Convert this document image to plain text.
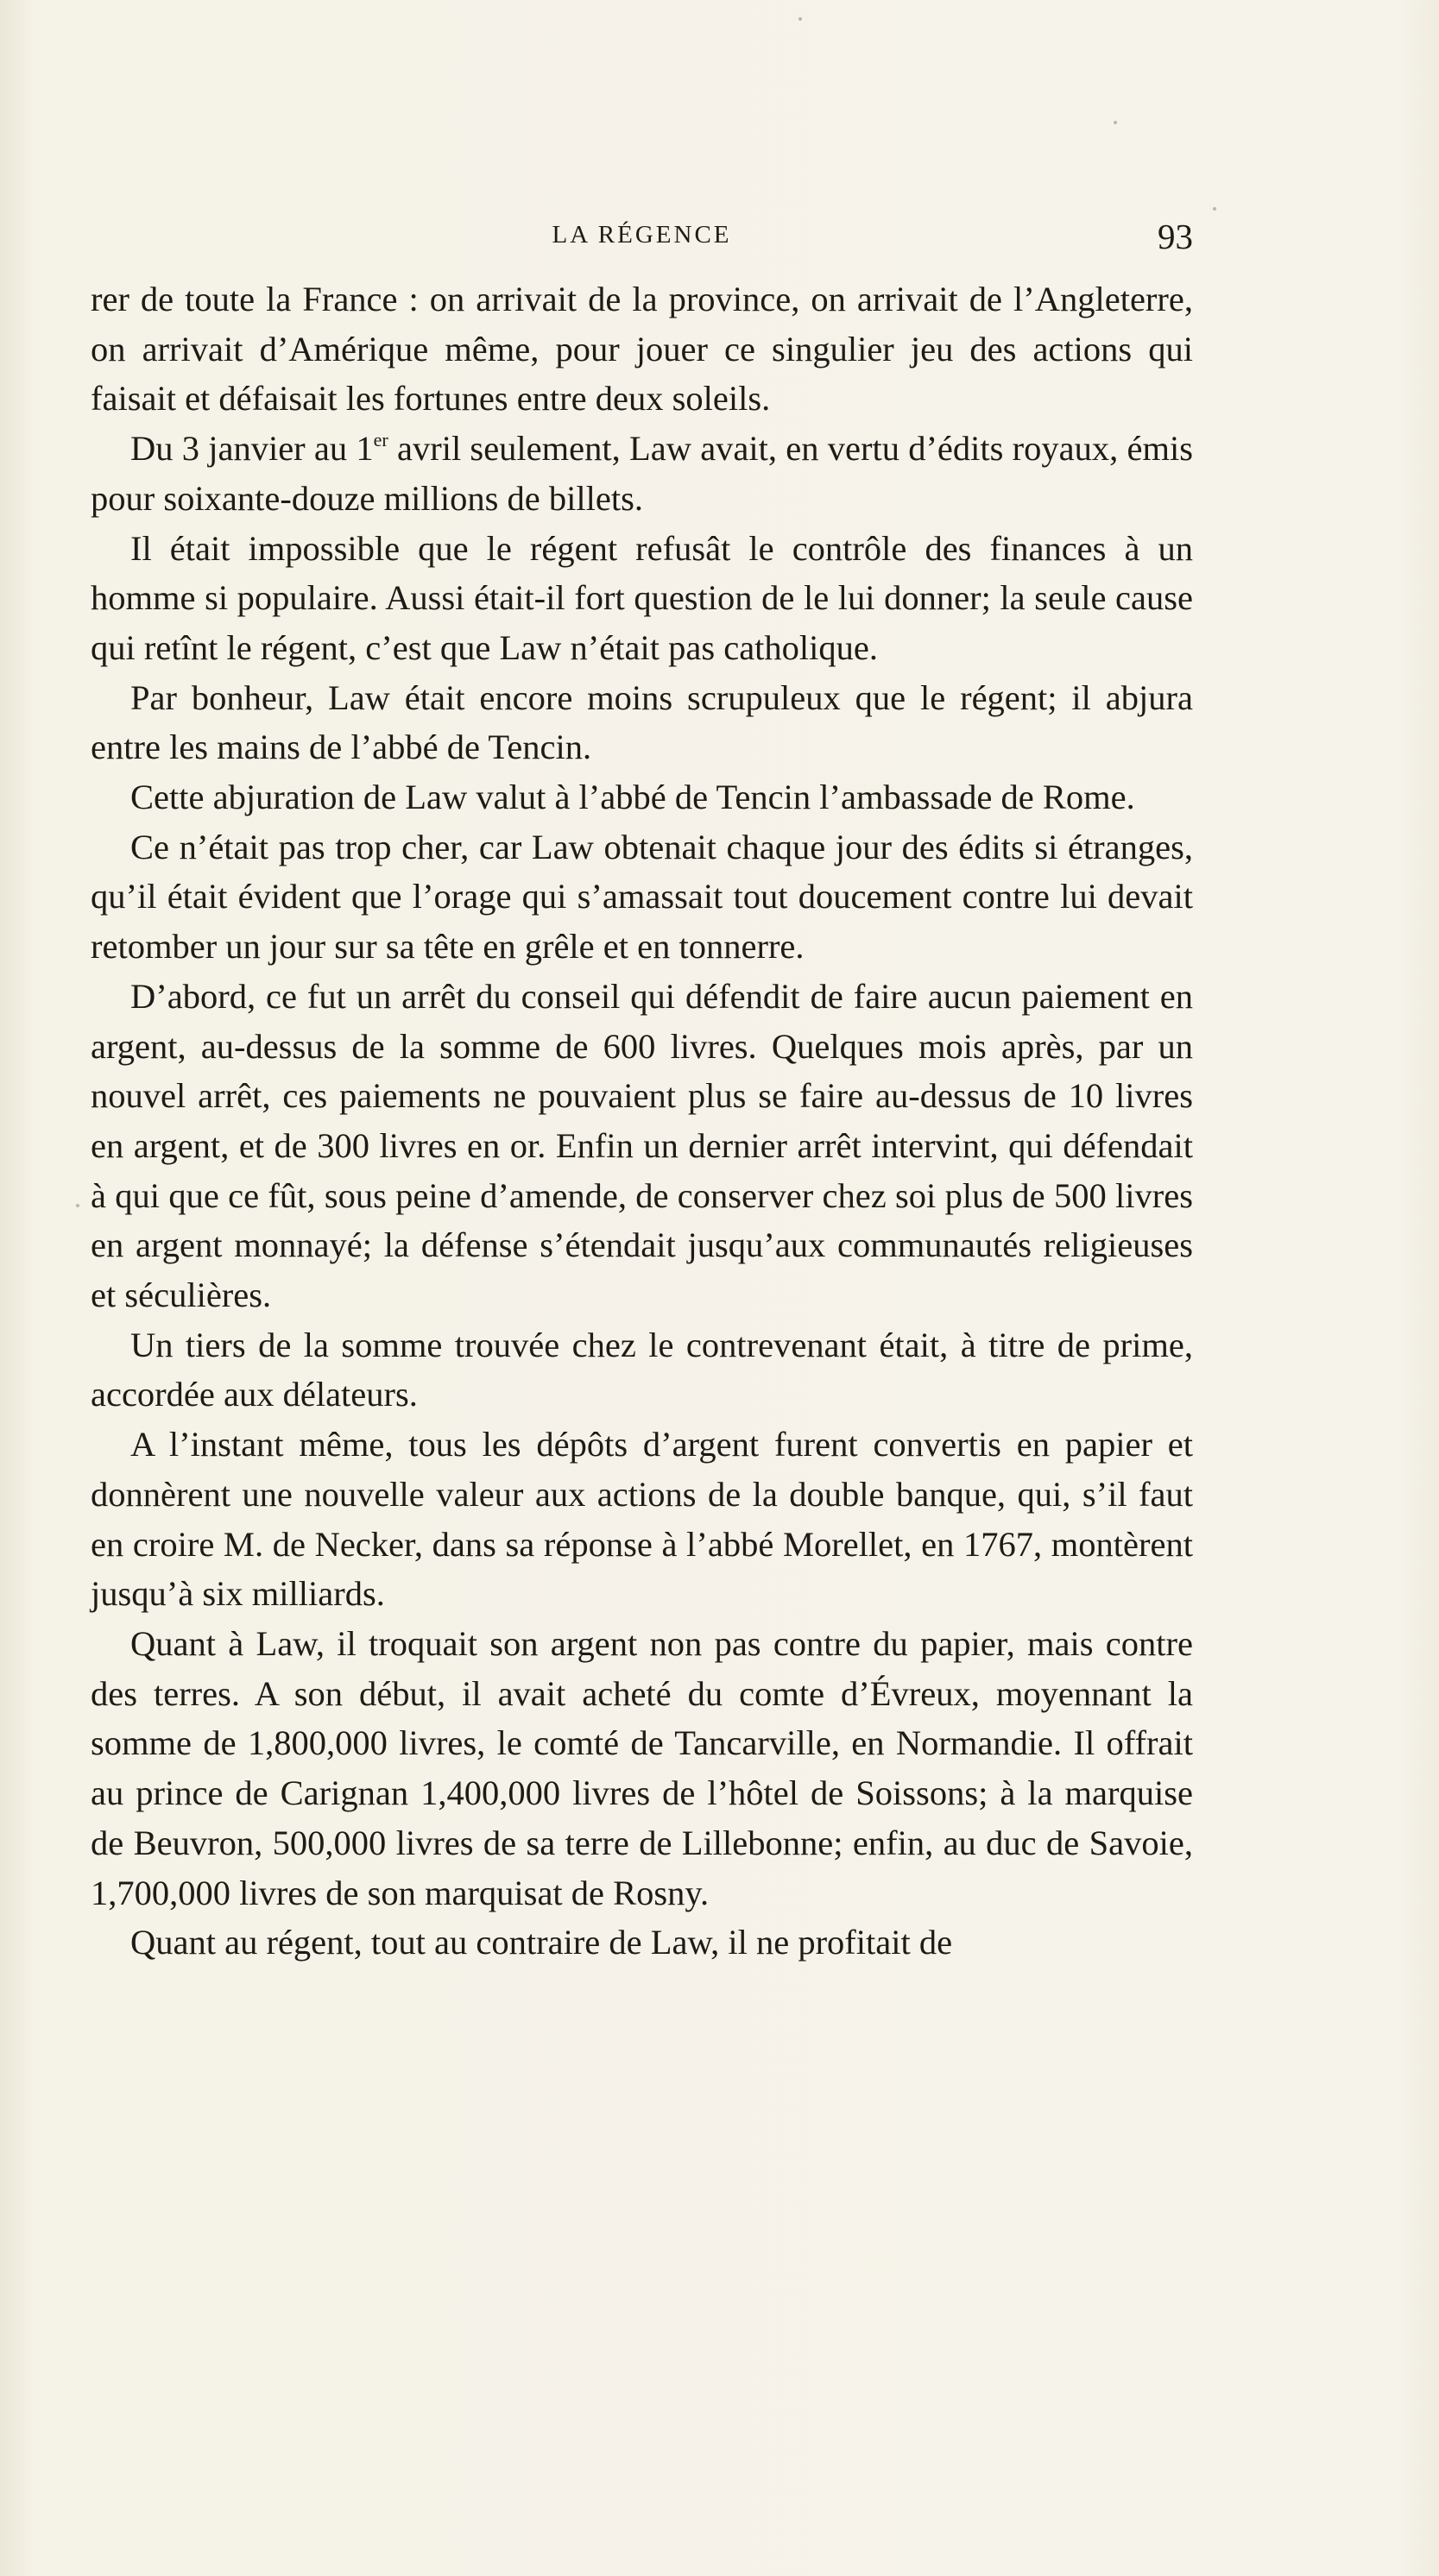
LA RÉGENCE	93

rer de toute la France : on arrivait de la province, on arrivait de l’Angleterre, on arrivait d’Amérique même, pour jouer ce singulier jeu des actions qui faisait et défaisait les fortunes entre deux soleils.

Du 3 janvier au 1er avril seulement, Law avait, en vertu d’édits royaux, émis pour soixante-douze millions de billets.

Il était impossible que le régent refusât le contrôle des finances à un homme si populaire. Aussi était-il fort question de le lui donner; la seule cause qui retînt le régent, c’est que Law n’était pas catholique.

Par bonheur, Law était encore moins scrupuleux que le régent; il abjura entre les mains de l’abbé de Tencin.

Cette abjuration de Law valut à l’abbé de Tencin l’ambassade de Rome.

Ce n’était pas trop cher, car Law obtenait chaque jour des édits si étranges, qu’il était évident que l’orage qui s’amassait tout doucement contre lui devait retomber un jour sur sa tête en grêle et en tonnerre.

D’abord, ce fut un arrêt du conseil qui défendit de faire aucun paiement en argent, au-dessus de la somme de 600 livres. Quelques mois après, par un nouvel arrêt, ces paiements ne pouvaient plus se faire au-dessus de 10 livres en argent, et de 300 livres en or. Enfin un dernier arrêt intervint, qui défendait à qui que ce fût, sous peine d’amende, de conserver chez soi plus de 500 livres en argent monnayé; la défense s’étendait jusqu’aux communautés religieuses et séculières.

Un tiers de la somme trouvée chez le contrevenant était, à titre de prime, accordée aux délateurs.

A l’instant même, tous les dépôts d’argent furent convertis en papier et donnèrent une nouvelle valeur aux actions de la double banque, qui, s’il faut en croire M. de Necker, dans sa réponse à l’abbé Morellet, en 1767, montèrent jusqu’à six milliards.

Quant à Law, il troquait son argent non pas contre du papier, mais contre des terres. A son début, il avait acheté du comte d’Évreux, moyennant la somme de 1,800,000 livres, le comté de Tancarville, en Normandie. Il offrait au prince de Carignan 1,400,000 livres de l’hôtel de Soissons; à la marquise de Beuvron, 500,000 livres de sa terre de Lillebonne; enfin, au duc de Savoie, 1,700,000 livres de son marquisat de Rosny.

Quant au régent, tout au contraire de Law, il ne profitait de
